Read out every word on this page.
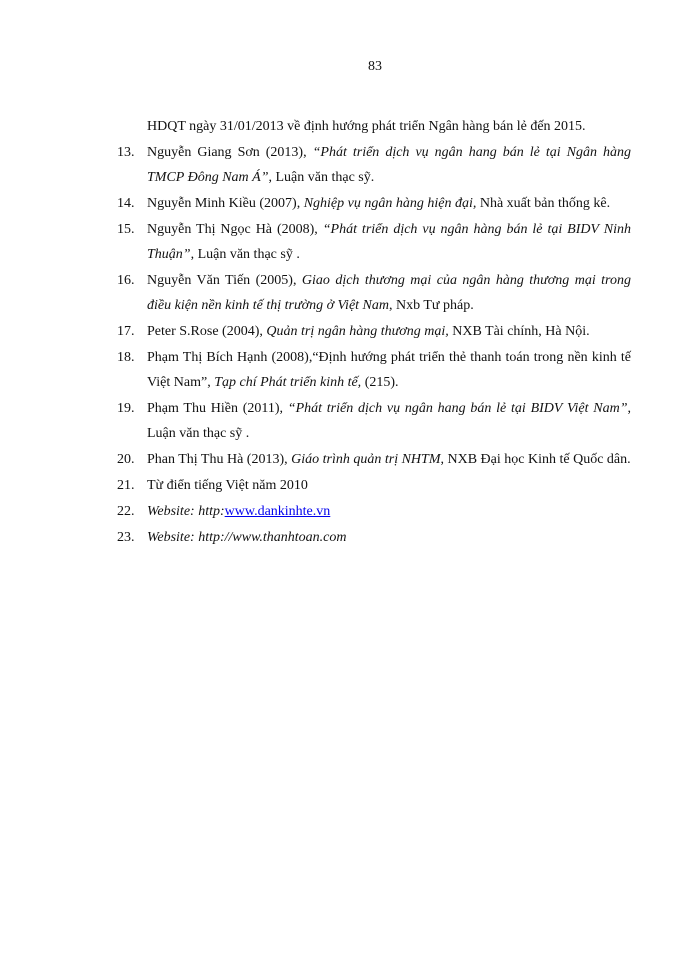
83
HDQT ngày 31/01/2013 về định hướng phát triển Ngân hàng bán lẻ đến 2015.
13. Nguyễn Giang Sơn (2013), “Phát triển dịch vụ ngân hang bán lẻ tại Ngân hàng TMCP Đông Nam Á”, Luận văn thạc sỹ.
14. Nguyễn Minh Kiều (2007), Nghiệp vụ ngân hàng hiện đại, Nhà xuất bản thống kê.
15. Nguyễn Thị Ngọc Hà (2008), “Phát triển dịch vụ ngân hàng bán lẻ tại BIDV Ninh Thuận”, Luận văn thạc sỹ .
16. Nguyễn Văn Tiến (2005), Giao dịch thương mại của ngân hàng thương mại trong điều kiện nền kinh tế thị trường ở Việt Nam, Nxb Tư pháp.
17. Peter S.Rose (2004), Quản trị ngân hàng thương mại, NXB Tài chính, Hà Nội.
18. Phạm Thị Bích Hạnh (2008),“Định hướng phát triển thẻ thanh toán trong nền kinh tế Việt Nam”, Tạp chí Phát triển kinh tế, (215).
19. Phạm Thu Hiền (2011), “Phát triển dịch vụ ngân hang bán lẻ tại BIDV Việt Nam”, Luận văn thạc sỹ .
20. Phan Thị Thu Hà (2013), Giáo trình quản trị NHTM, NXB Đại học Kinh tế Quốc dân.
21. Từ điển tiếng Việt năm 2010
22. Website: http:www.dankinhte.vn
23. Website: http://www.thanhtoan.com
